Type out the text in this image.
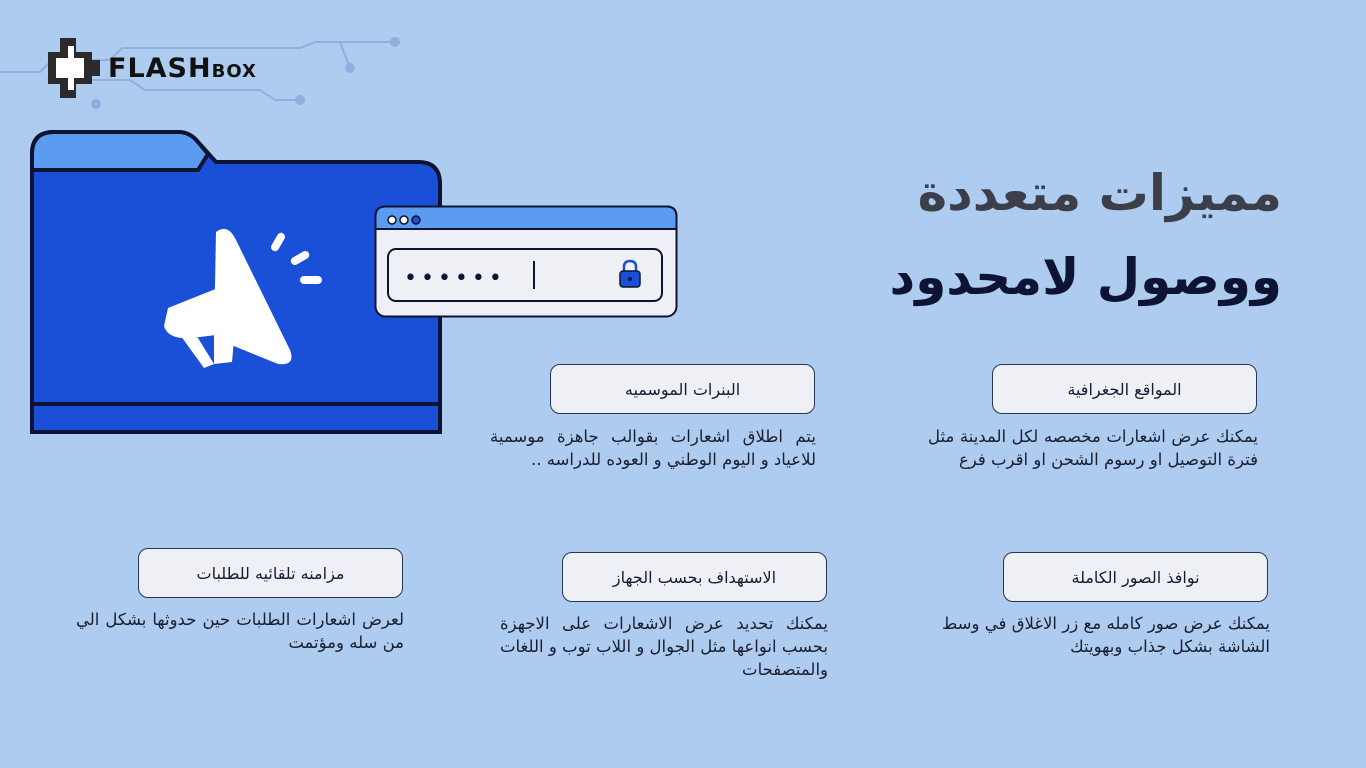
FLASHBOX
••••••
مميزات متعددة
ووصول لامحدود
المواقع الجغرافية
يمكنك عرض اشعارات مخصصه لكل المدينة مثل فترة التوصيل او رسوم الشحن او اقرب فرع
البنرات الموسميه
يتم اطلاق اشعارات بقوالب جاهزة موسمية للاعياد و اليوم الوطني و العوده للدراسه ..
نوافذ الصور الكاملة
يمكنك عرض صور كامله مع زر الاغلاق في وسط الشاشة بشكل جذاب وبهويتك
الاستهداف بحسب الجهاز
يمكنك تحديد عرض الاشعارات على الاجهزة بحسب انواعها مثل الجوال و اللاب توب و اللغات والمتصفحات
مزامنه تلقائيه للطلبات
لعرض اشعارات الطلبات حين حدوثها بشكل الي من سله ومؤتمت
